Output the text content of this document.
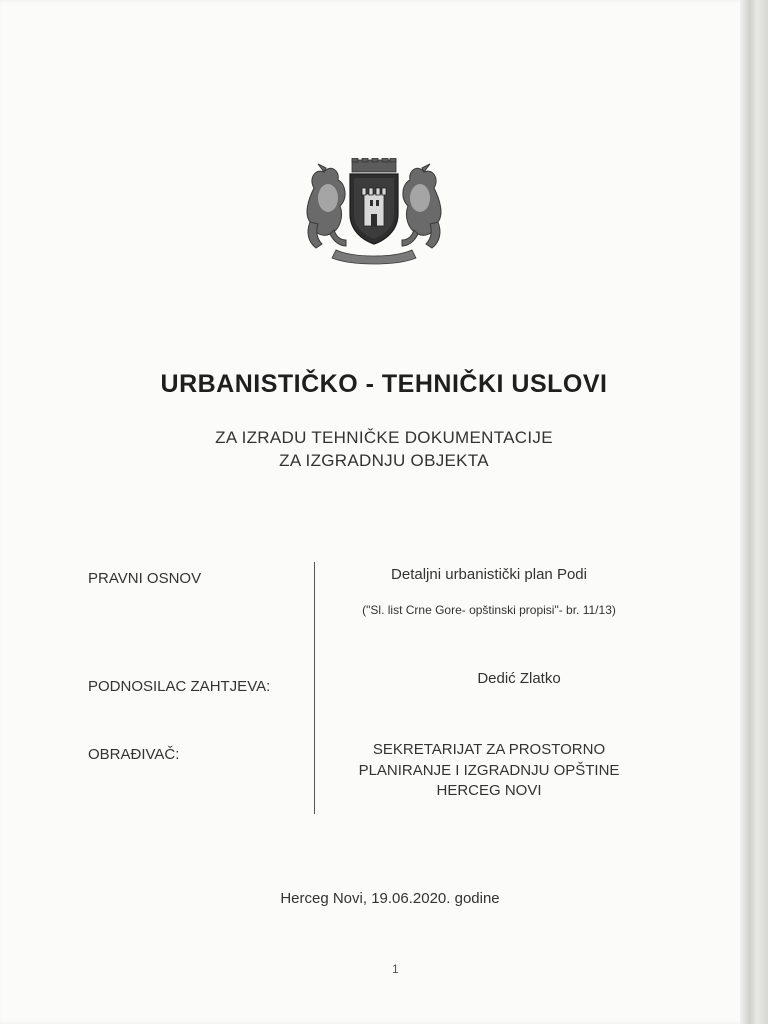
URBANISTIČKO - TEHNIČKI USLOVI
ZA IZRADU TEHNIČKE DOKUMENTACIJE
ZA IZGRADNJU OBJEKTA
PRAVNI OSNOV	Detaljni urbanistički plan Podi
("Sl. list Crne Gore- opštinski propisi"- br. 11/13)
PODNOSILAC ZAHTJEVA:	Dedić Zlatko
OBRAĐIVAČ:	SEKRETARIJAT ZA PROSTORNO
PLANIRANJE I IZGRADNJU OPŠTINE
HERCEG NOVI
Herceg Novi, 19.06.2020. godine
1
